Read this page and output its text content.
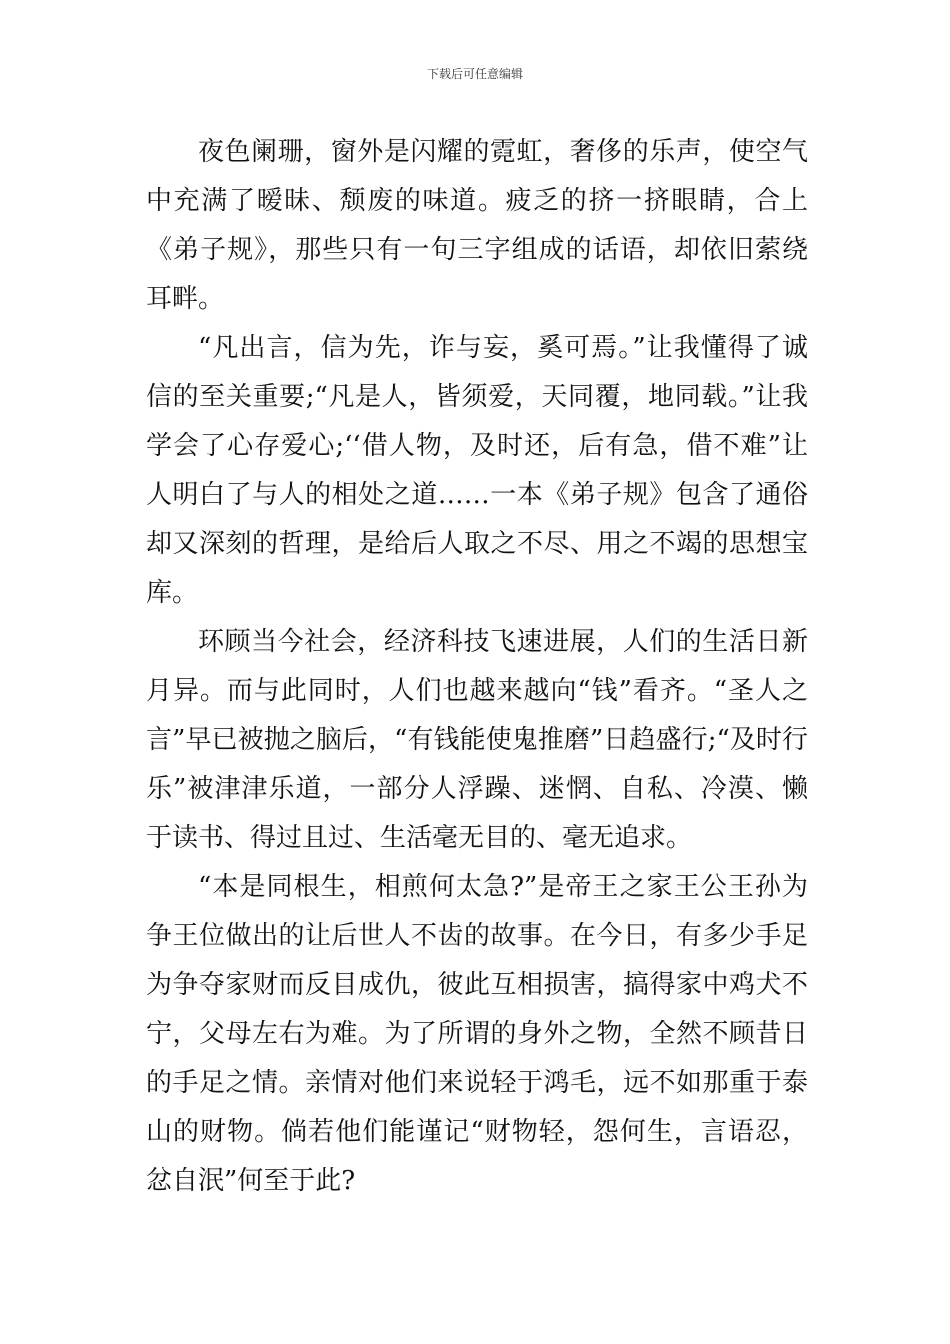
下载后可任意编辑

夜色阑珊，窗外是闪耀的霓虹，奢侈的乐声，使空气中充满了暧昧、颓废的味道。疲乏的挤一挤眼睛，合上《弟子规》，那些只有一句三字组成的话语，却依旧萦绕耳畔。

“凡出言，信为先，诈与妄，奚可焉。”让我懂得了诚信的至关重要;“凡是人，皆须爱，天同覆，地同载。”让我学会了心存爱心;‘‘借人物，及时还，后有急，借不难”让人明白了与人的相处之道……一本《弟子规》包含了通俗却又深刻的哲理，是给后人取之不尽、用之不竭的思想宝库。

环顾当今社会，经济科技飞速进展，人们的生活日新月异。而与此同时，人们也越来越向“钱”看齐。“圣人之言”早已被抛之脑后，“有钱能使鬼推磨”日趋盛行;“及时行乐”被津津乐道，一部分人浮躁、迷惘、自私、冷漠、懒于读书、得过且过、生活毫无目的、毫无追求。

“本是同根生，相煎何太急?”是帝王之家王公王孙为争王位做出的让后世人不齿的故事。在今日，有多少手足为争夺家财而反目成仇，彼此互相损害，搞得家中鸡犬不宁，父母左右为难。为了所谓的身外之物，全然不顾昔日的手足之情。亲情对他们来说轻于鸿毛，远不如那重于泰山的财物。倘若他们能谨记“财物轻，怨何生，言语忍，忿自泯”何至于此?
